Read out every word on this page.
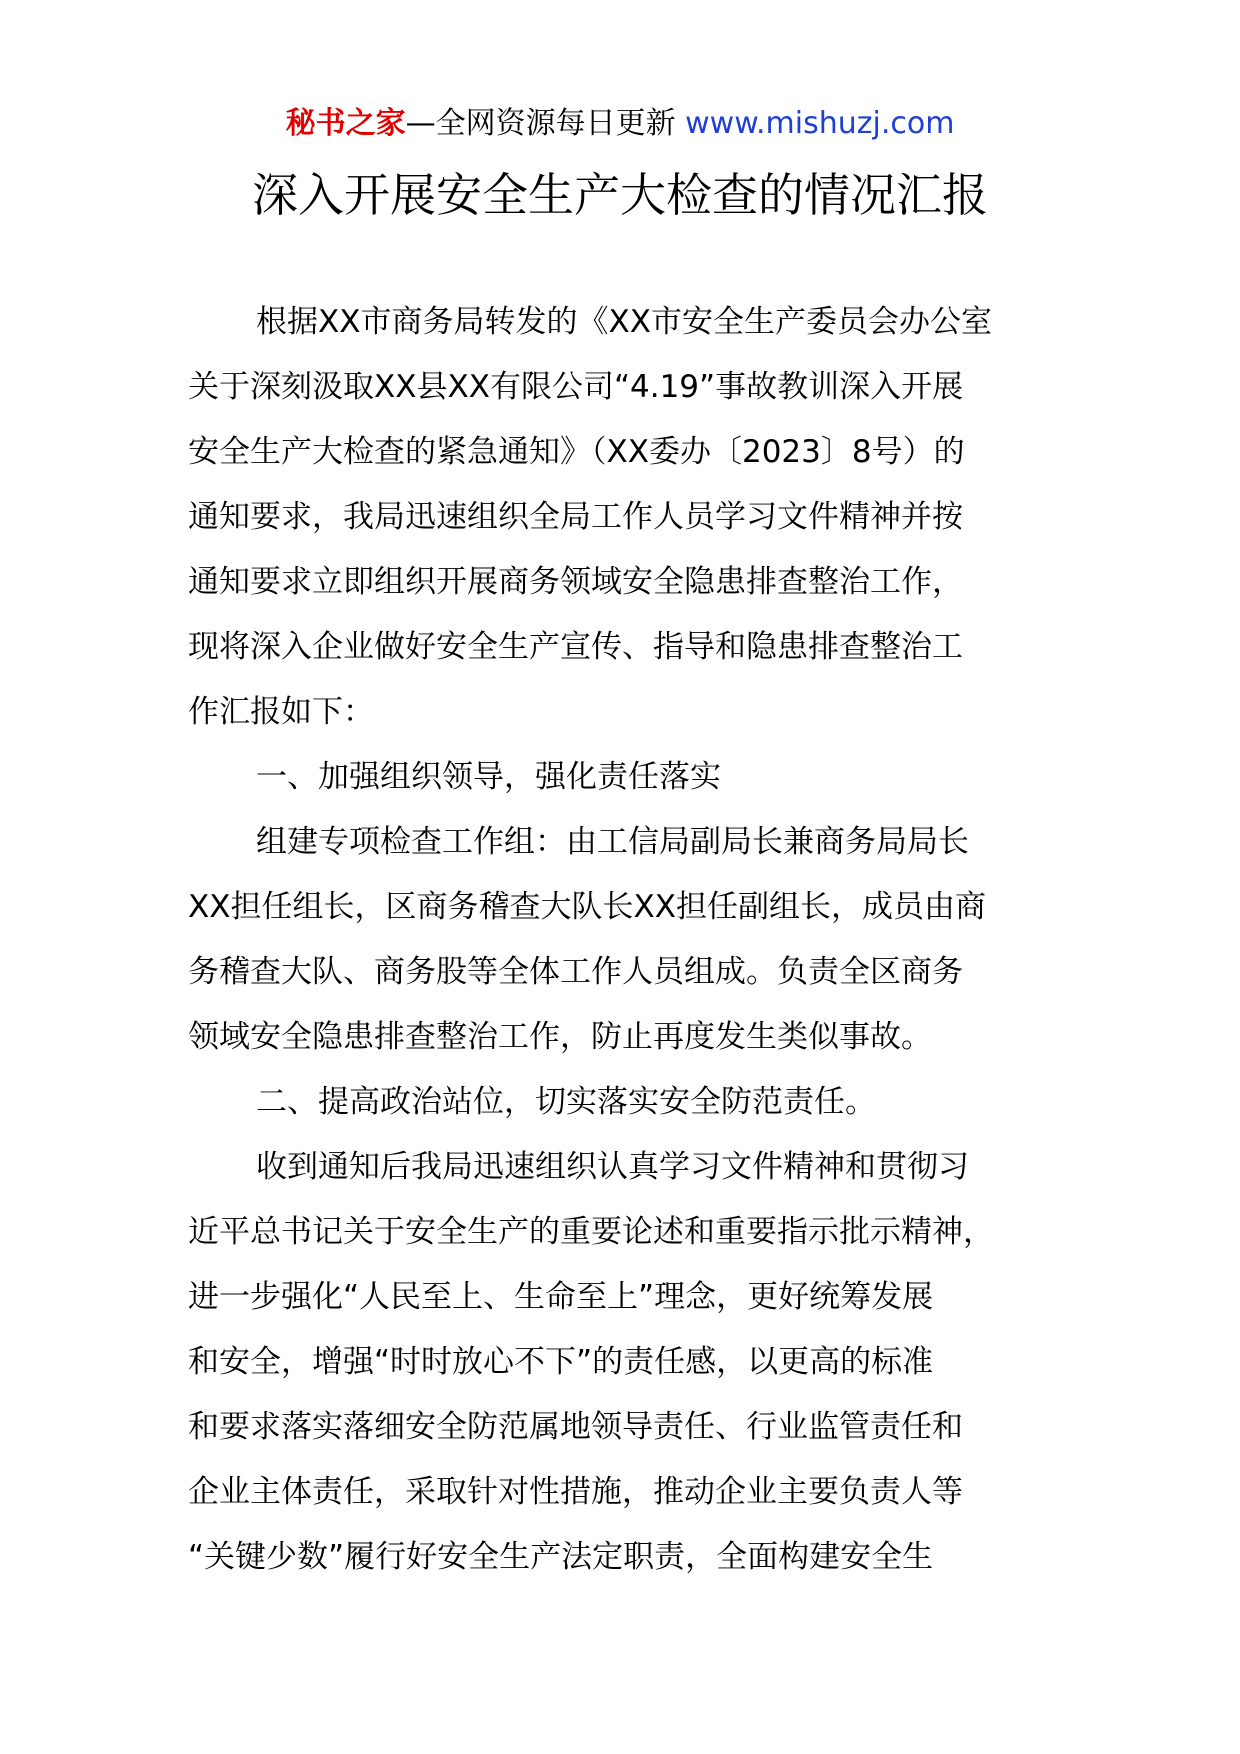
秘书之家—全网资源每日更新 www.mishuzj.com
深入开展安全生产大检查的情况汇报
根据XX市商务局转发的《XX市安全生产委员会办公室
关于深刻汲取XX县XX有限公司“4.19”事故教训深入开展
安全生产大检查的紧急通知》（XX委办〔2023〕8号）的
通知要求，我局迅速组织全局工作人员学习文件精神并按
通知要求立即组织开展商务领域安全隐患排查整治工作，
现将深入企业做好安全生产宣传、指导和隐患排查整治工
作汇报如下：
一、加强组织领导，强化责任落实
组建专项检查工作组：由工信局副局长兼商务局局长
XX担任组长，区商务稽查大队长XX担任副组长，成员由商
务稽查大队、商务股等全体工作人员组成。负责全区商务
领域安全隐患排查整治工作，防止再度发生类似事故。
二、提高政治站位，切实落实安全防范责任。
收到通知后我局迅速组织认真学习文件精神和贯彻习
近平总书记关于安全生产的重要论述和重要指示批示精神，
进一步强化“人民至上、生命至上”理念，更好统筹发展
和安全，增强“时时放心不下”的责任感，以更高的标准
和要求落实落细安全防范属地领导责任、行业监管责任和
企业主体责任，采取针对性措施，推动企业主要负责人等
“关键少数”履行好安全生产法定职责，全面构建安全生
